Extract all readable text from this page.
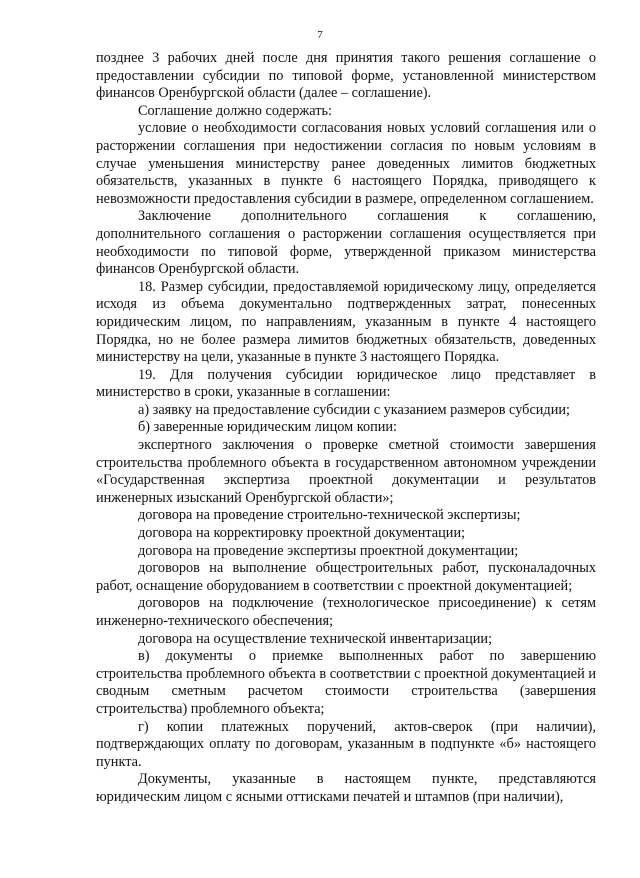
7

позднее 3 рабочих дней после дня принятия такого решения соглашение о предоставлении субсидии по типовой форме, установленной министерством финансов Оренбургской области (далее – соглашение).

Соглашение должно содержать:

условие о необходимости согласования новых условий соглашения или о расторжении соглашения при недостижении согласия по новым условиям в случае уменьшения министерству ранее доведенных лимитов бюджетных обязательств, указанных в пункте 6 настоящего Порядка, приводящего к невозможности предоставления субсидии в размере, определенном соглашением.

Заключение дополнительного соглашения к соглашению, дополнительного соглашения о расторжении соглашения осуществляется при необходимости по типовой форме, утвержденной приказом министерства финансов Оренбургской области.

18. Размер субсидии, предоставляемой юридическому лицу, определяется исходя из объема документально подтвержденных затрат, понесенных юридическим лицом, по направлениям, указанным в пункте 4 настоящего Порядка, но не более размера лимитов бюджетных обязательств, доведенных министерству на цели, указанные в пункте 3 настоящего Порядка.

19. Для получения субсидии юридическое лицо представляет в министерство в сроки, указанные в соглашении:

а) заявку на предоставление субсидии с указанием размеров субсидии;

б) заверенные юридическим лицом копии:

экспертного заключения о проверке сметной стоимости завершения строительства проблемного объекта в государственном автономном учреждении «Государственная экспертиза проектной документации и результатов инженерных изысканий Оренбургской области»;

договора на проведение строительно-технической экспертизы;

договора на корректировку проектной документации;

договора на проведение экспертизы проектной документации;

договоров на выполнение общестроительных работ, пусконаладочных работ, оснащение оборудованием в соответствии с проектной документацией;

договоров на подключение (технологическое присоединение) к сетям инженерно-технического обеспечения;

договора на осуществление технической инвентаризации;

в) документы о приемке выполненных работ по завершению строительства проблемного объекта в соответствии с проектной документацией и сводным сметным расчетом стоимости строительства (завершения строительства) проблемного объекта;

г) копии платежных поручений, актов-сверок (при наличии), подтверждающих оплату по договорам, указанным в подпункте «б» настоящего пункта.

Документы, указанные в настоящем пункте, представляются юридическим лицом с ясными оттисками печатей и штампов (при наличии),
